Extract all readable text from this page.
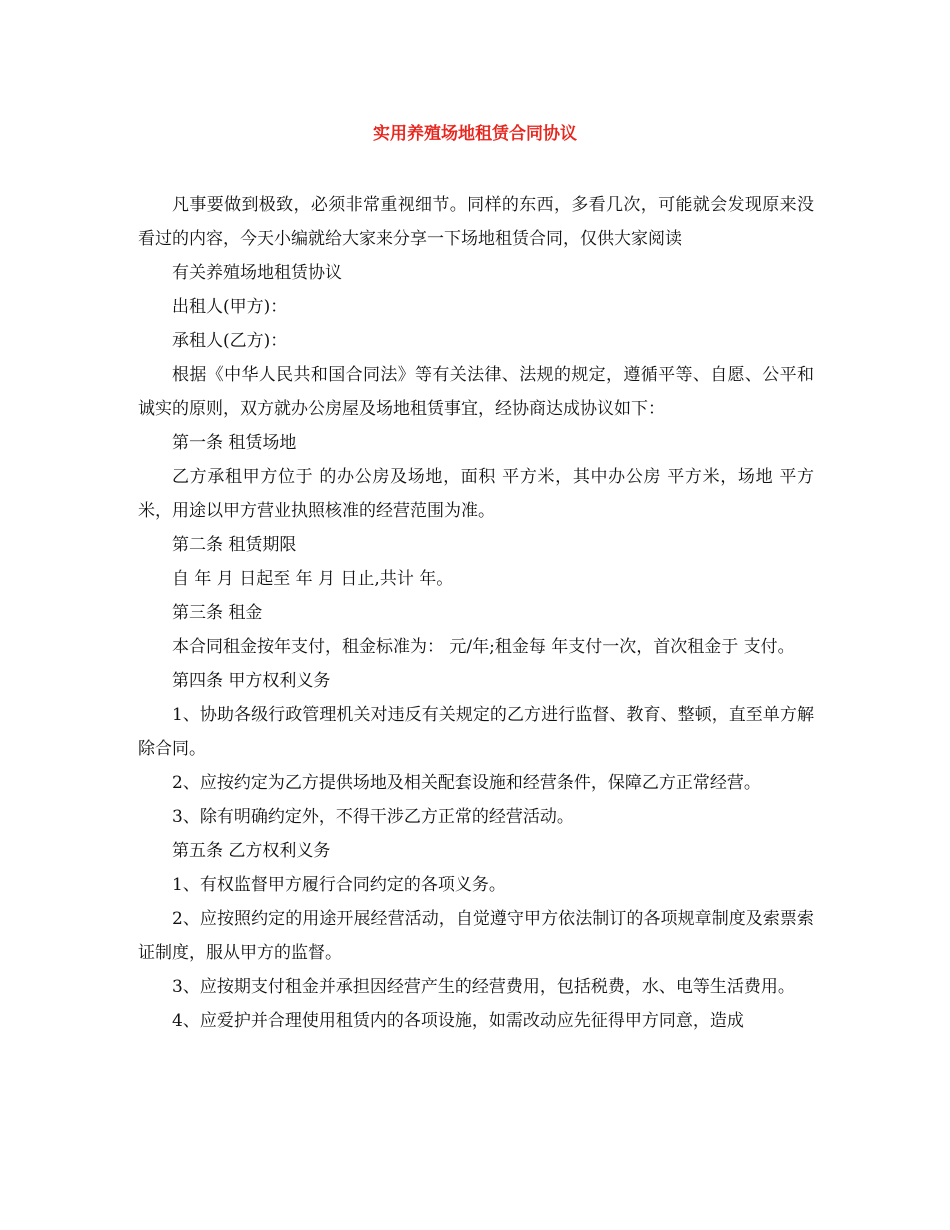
实用养殖场地租赁合同协议

凡事要做到极致，必须非常重视细节。同样的东西，多看几次，可能就会发现原来没看过的内容，今天小编就给大家来分享一下场地租赁合同，仅供大家阅读

有关养殖场地租赁协议

出租人(甲方)：

承租人(乙方)：

根据《中华人民共和国合同法》等有关法律、法规的规定，遵循平等、自愿、公平和诚实的原则，双方就办公房屋及场地租赁事宜，经协商达成协议如下：

第一条 租赁场地

乙方承租甲方位于 的办公房及场地，面积 平方米，其中办公房 平方米，场地 平方米，用途以甲方营业执照核准的经营范围为准。

第二条 租赁期限

自 年 月 日起至 年 月 日止,共计 年。

第三条 租金

本合同租金按年支付，租金标准为： 元/年;租金每 年支付一次，首次租金于 支付。

第四条 甲方权利义务

1、协助各级行政管理机关对违反有关规定的乙方进行监督、教育、整顿，直至单方解除合同。

2、应按约定为乙方提供场地及相关配套设施和经营条件，保障乙方正常经营。

3、除有明确约定外，不得干涉乙方正常的经营活动。

第五条 乙方权利义务

1、有权监督甲方履行合同约定的各项义务。

2、应按照约定的用途开展经营活动，自觉遵守甲方依法制订的各项规章制度及索票索证制度，服从甲方的监督。

3、应按期支付租金并承担因经营产生的经营费用，包括税费，水、电等生活费用。

4、应爱护并合理使用租赁内的各项设施，如需改动应先征得甲方同意，造成
